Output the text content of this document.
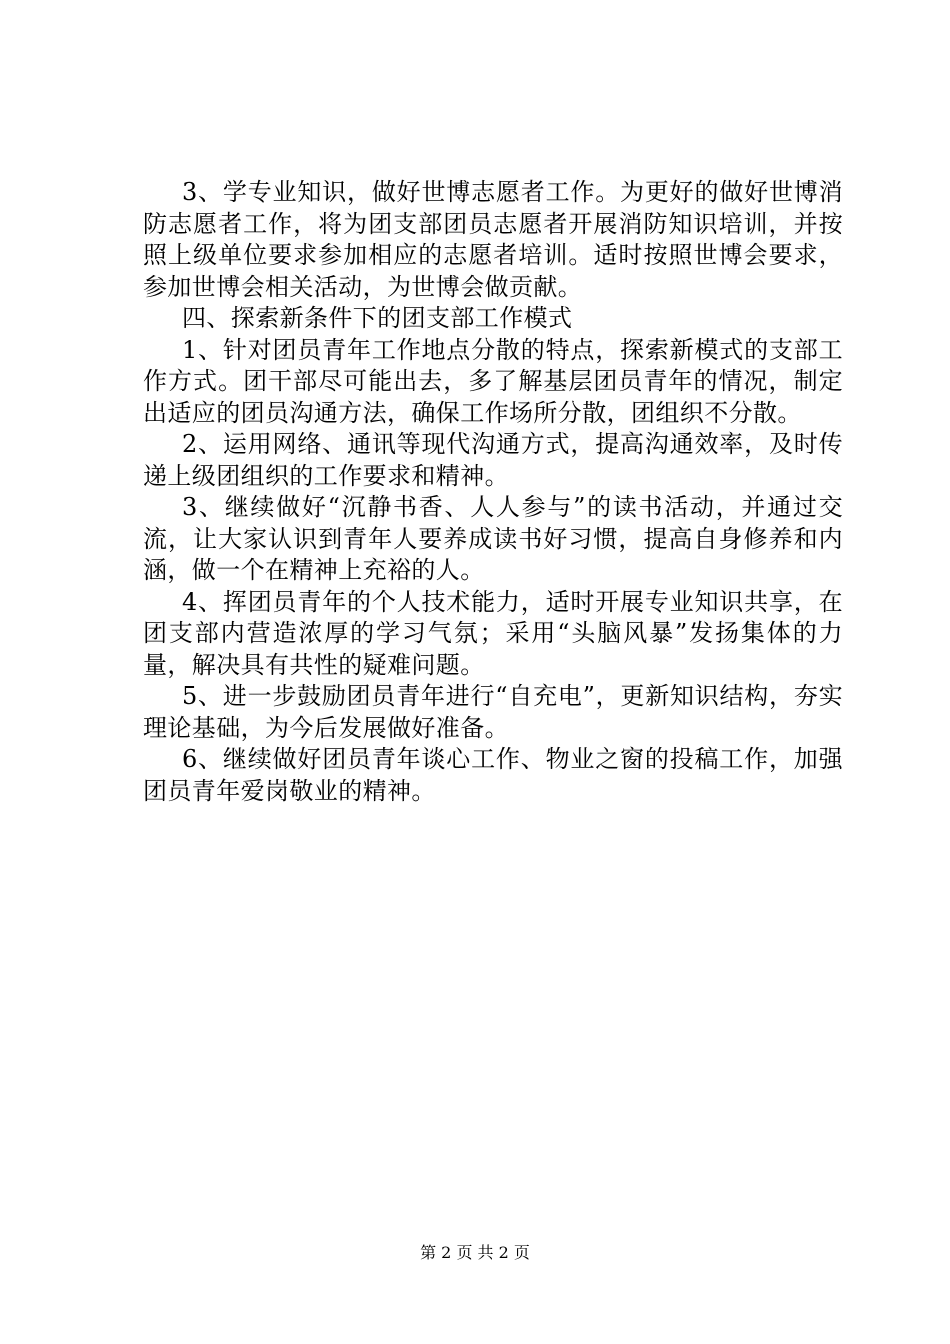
3、学专业知识，做好世博志愿者工作。为更好的做好世博消防志愿者工作，将为团支部团员志愿者开展消防知识培训，并按照上级单位要求参加相应的志愿者培训。适时按照世博会要求，参加世博会相关活动，为世博会做贡献。

四、探索新条件下的团支部工作模式

1、针对团员青年工作地点分散的特点，探索新模式的支部工作方式。团干部尽可能出去，多了解基层团员青年的情况，制定出适应的团员沟通方法，确保工作场所分散，团组织不分散。

2、运用网络、通讯等现代沟通方式，提高沟通效率，及时传递上级团组织的工作要求和精神。

3、继续做好“沉静书香、人人参与”的读书活动，并通过交流，让大家认识到青年人要养成读书好习惯，提高自身修养和内涵，做一个在精神上充裕的人。

4、挥团员青年的个人技术能力，适时开展专业知识共享，在团支部内营造浓厚的学习气氛；采用“头脑风暴”发扬集体的力量，解决具有共性的疑难问题。

5、进一步鼓励团员青年进行“自充电”，更新知识结构，夯实理论基础，为今后发展做好准备。

6、继续做好团员青年谈心工作、物业之窗的投稿工作，加强团员青年爱岗敬业的精神。

第 2 页 共 2 页
